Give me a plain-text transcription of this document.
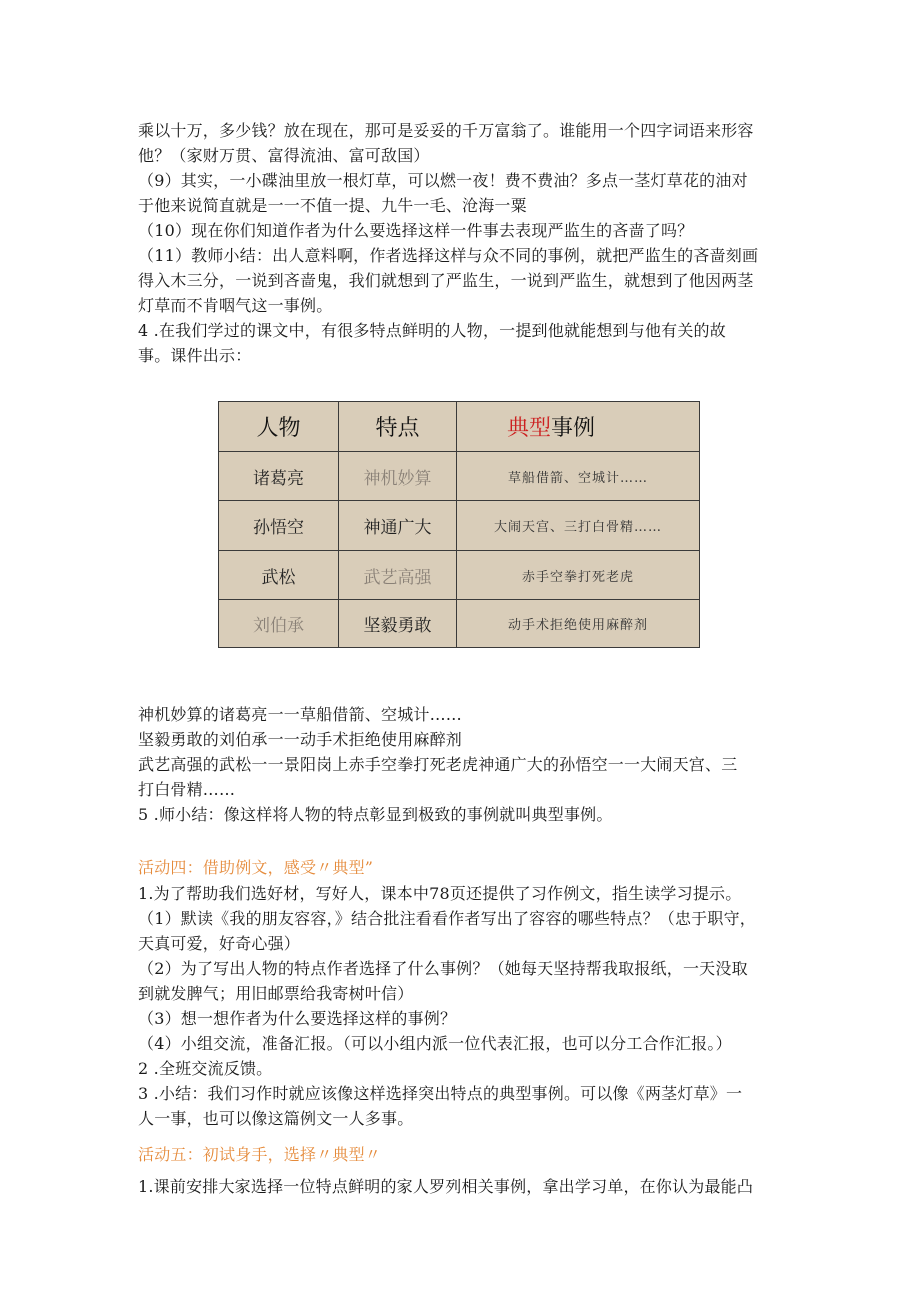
乘以十万，多少钱？放在现在，那可是妥妥的千万富翁了。谁能用一个四字词语来形容
他？（家财万贯、富得流油、富可敌国）
（9）其实，一小碟油里放一根灯草，可以燃一夜！费不费油？多点一茎灯草花的油对
于他来说简直就是一一不值一提、九牛一毛、沧海一粟
（10）现在你们知道作者为什么要选择这样一件事去表现严监生的吝啬了吗？
（11）教师小结：出人意料啊，作者选择这样与众不同的事例，就把严监生的吝啬刻画
得入木三分，一说到吝啬鬼，我们就想到了严监生，一说到严监生，就想到了他因两茎
灯草而不肯咽气这一事例。
4 .在我们学过的课文中，有很多特点鲜明的人物，一提到他就能想到与他有关的故
事。课件出示：
人物	特点	典型 事例
诸葛亮	神机妙算	草船借箭、空城计……
孙悟空	神通广大	大闹天宫、三打白骨精……
武松	武艺高强	赤手空拳打死老虎
刘伯承	坚毅勇敢	动手术拒绝使用麻醉剂
神机妙算的诸葛亮一一草船借箭、空城计……
坚毅勇敢的刘伯承一一动手术拒绝使用麻醉剂
武艺高强的武松一一景阳岗上赤手空拳打死老虎神通广大的孙悟空一一大闹天宫、三
打白骨精……
5 .师小结：像这样将人物的特点彰显到极致的事例就叫典型事例。
活动四：借助例文，感受〃典型”
1.为了帮助我们选好材，写好人，课本中78页还提供了习作例文，指生读学习提示。
（1）默读《我的朋友容容，》结合批注看看作者写出了容容的哪些特点？（忠于职守，
天真可爱，好奇心强）
（2）为了写出人物的特点作者选择了什么事例？（她每天坚持帮我取报纸，一天没取
到就发脾气；用旧邮票给我寄树叶信）
（3）想一想作者为什么要选择这样的事例？
（4）小组交流，准备汇报。（可以小组内派一位代表汇报，也可以分工合作汇报。）
2 .全班交流反馈。
3 .小结：我们习作时就应该像这样选择突出特点的典型事例。可以像《两茎灯草》一
人一事，也可以像这篇例文一人多事。
活动五：初试身手，选择〃典型〃
1.课前安排大家选择一位特点鲜明的家人罗列相关事例，拿出学习单，在你认为最能凸
